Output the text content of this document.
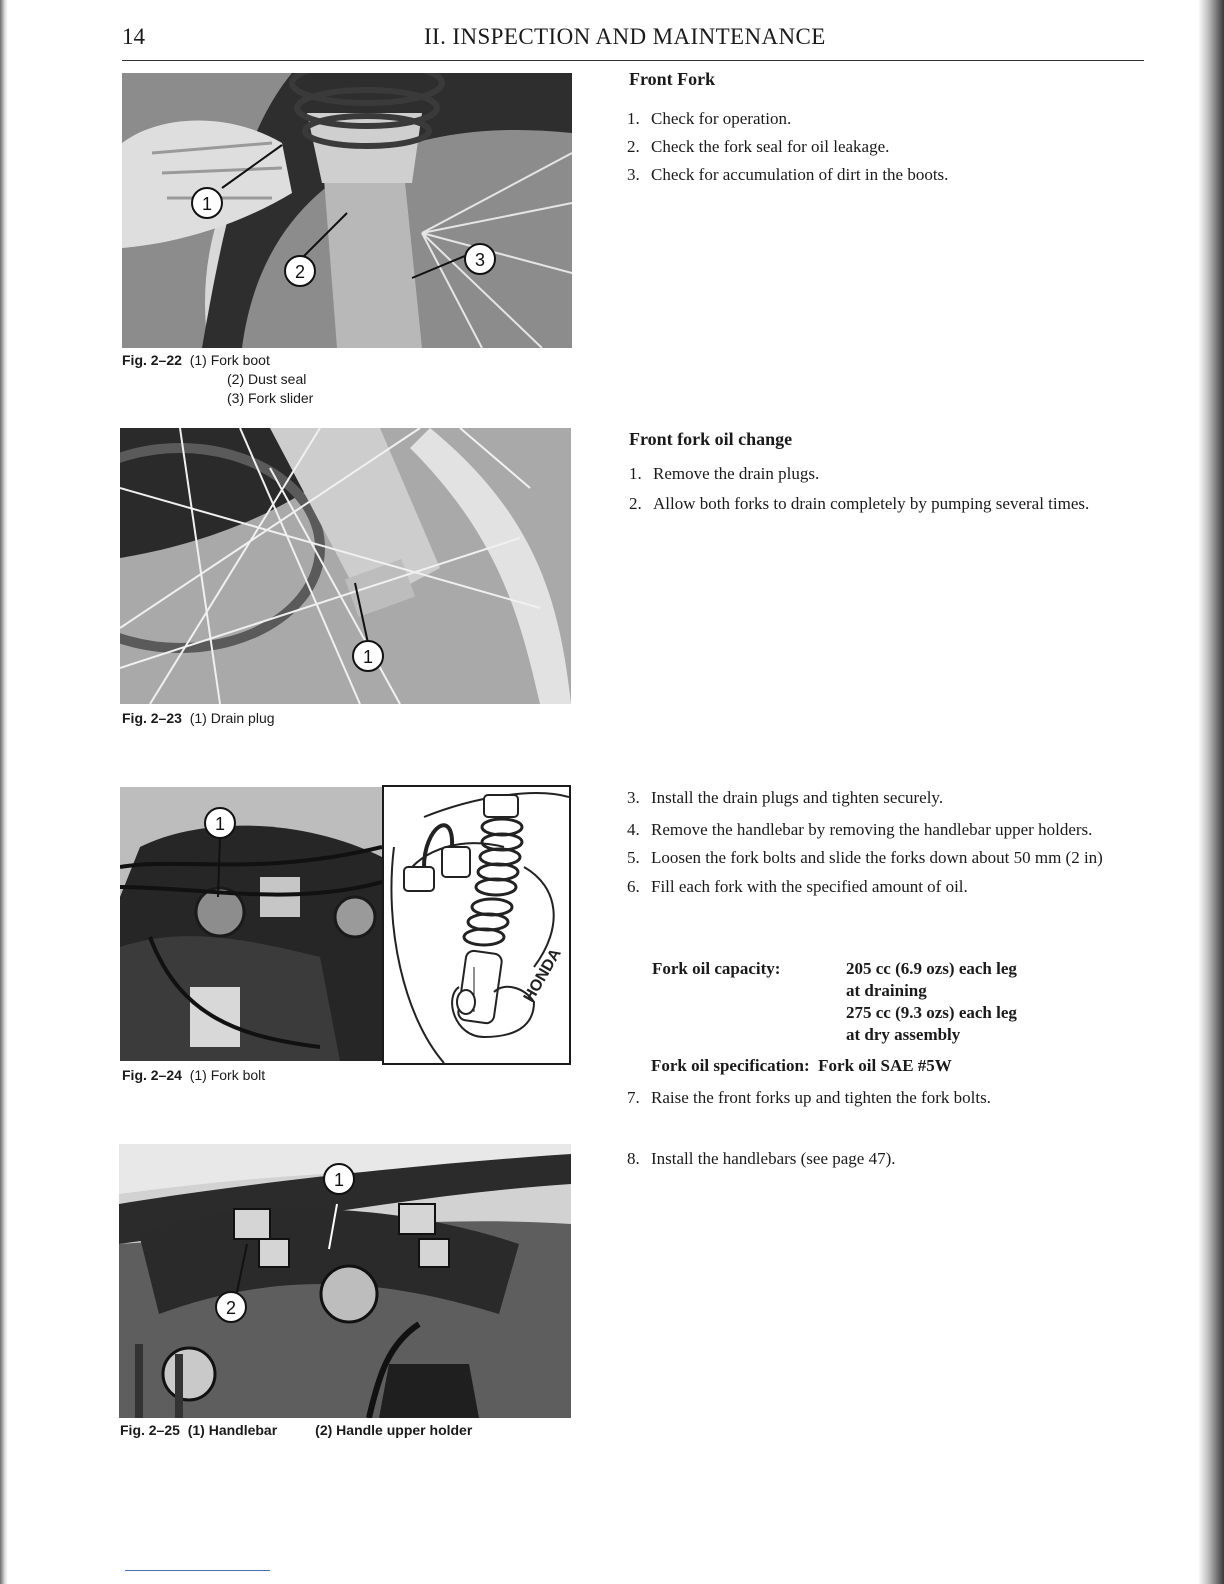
14	II. INSPECTION AND MAINTENANCE
1
2
3
Fig. 2–22 (1) Fork boot
(2) Dust seal
(3) Fork slider
1
Fig. 2–23 (1) Drain plug
1
HONDA
Fig. 2–24 (1) Fork bolt
1
2
Fig. 2–25 (1) Handlebar	(2) Handle upper holder
Front Fork
1. Check for operation.
2. Check the fork seal for oil leakage.
3. Check for accumulation of dirt in the boots.
Front fork oil change
1. Remove the drain plugs.
2. Allow both forks to drain completely by pumping several times.
3. Install the drain plugs and tighten securely.
4. Remove the handlebar by removing the handlebar upper holders.
5. Loosen the fork bolts and slide the forks down about 50 mm (2 in)
6. Fill each fork with the specified amount of oil.
Fork oil capacity:	205 cc (6.9 ozs) each leg
at draining
275 cc (9.3 ozs) each leg
at dry assembly
Fork oil specification: Fork oil SAE #5W
7. Raise the front forks up and tighten the fork bolts.
8. Install the handlebars (see page 47).
